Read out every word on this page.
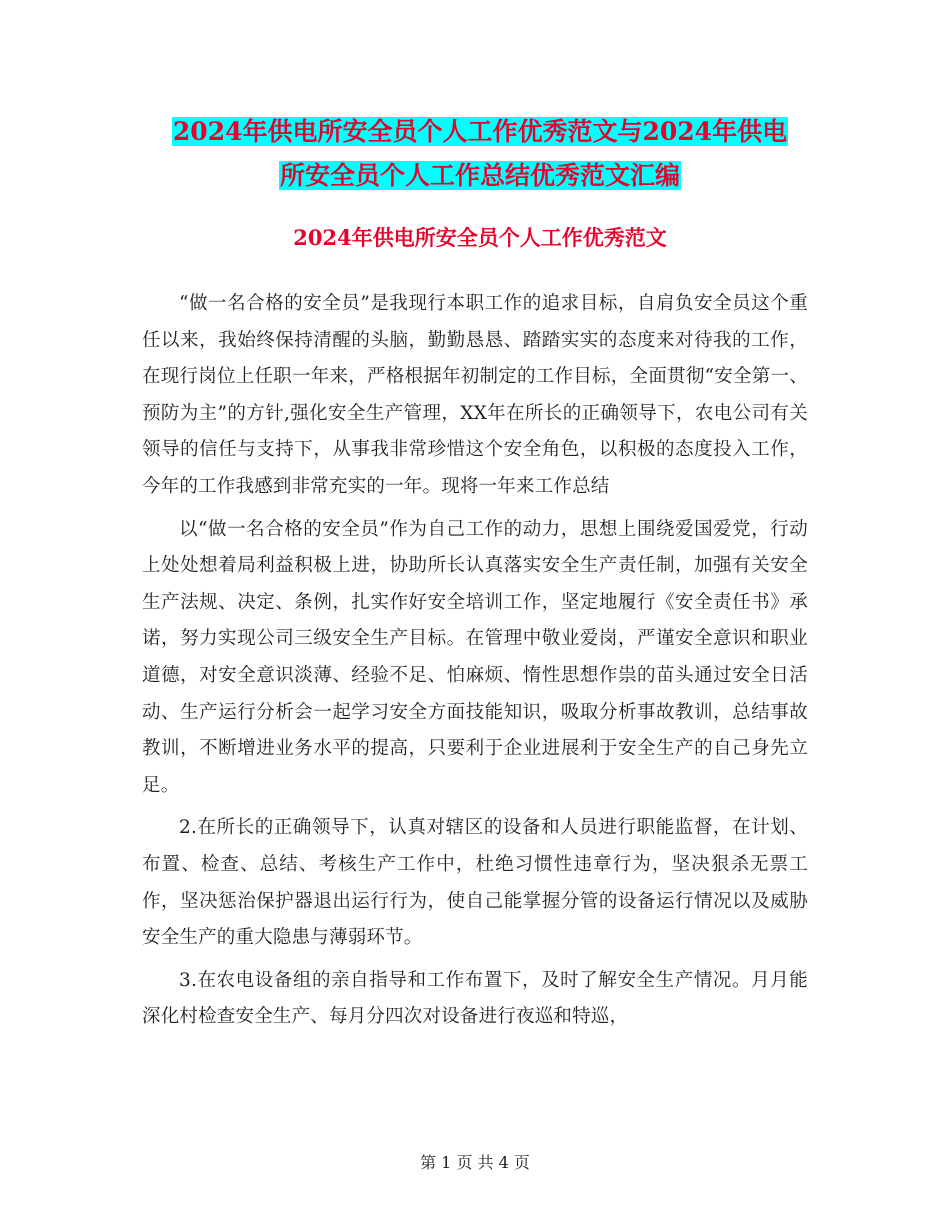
2024年供电所安全员个人工作优秀范文与2024年供电
所安全员个人工作总结优秀范文汇编
2024年供电所安全员个人工作优秀范文

“做一名合格的安全员”是我现行本职工作的追求目标，自肩负安全员这个重任以来，我始终保持清醒的头脑，勤勤恳恳、踏踏实实的态度来对待我的工作，在现行岗位上任职一年来，严格根据年初制定的工作目标，全面贯彻“安全第一、预防为主”的方针,强化安全生产管理，XX年在所长的正确领导下，农电公司有关领导的信任与支持下，从事我非常珍惜这个安全角色，以积极的态度投入工作，今年的工作我感到非常充实的一年。现将一年来工作总结

以“做一名合格的安全员”作为自己工作的动力，思想上围绕爱国爱党，行动上处处想着局利益积极上进，协助所长认真落实安全生产责任制，加强有关安全生产法规、决定、条例，扎实作好安全培训工作，坚定地履行《安全责任书》承诺，努力实现公司三级安全生产目标。在管理中敬业爱岗，严谨安全意识和职业道德，对安全意识淡薄、经验不足、怕麻烦、惰性思想作祟的苗头通过安全日活动、生产运行分析会一起学习安全方面技能知识，吸取分析事故教训，总结事故教训，不断增进业务水平的提高，只要利于企业进展利于安全生产的自己身先立足。

2.在所长的正确领导下，认真对辖区的设备和人员进行职能监督，在计划、布置、检查、总结、考核生产工作中，杜绝习惯性违章行为，坚决狠杀无票工作，坚决惩治保护器退出运行行为，使自己能掌握分管的设备运行情况以及威胁安全生产的重大隐患与薄弱环节。

3.在农电设备组的亲自指导和工作布置下，及时了解安全生产情况。月月能深化村检查安全生产、每月分四次对设备进行夜巡和特巡，

第 1 页 共 4 页
